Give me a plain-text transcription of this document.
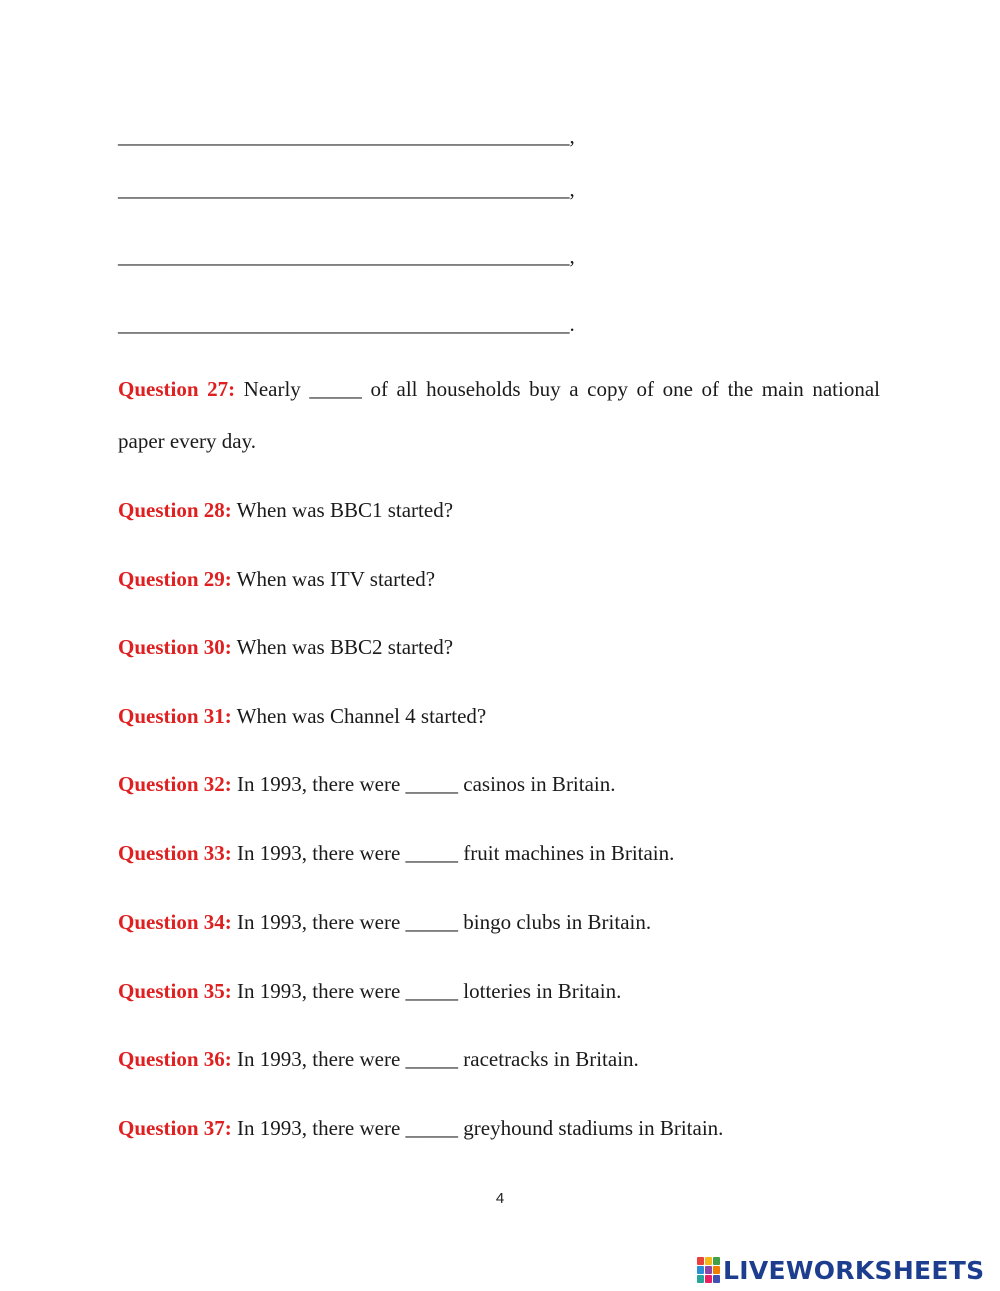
___________________________________________,
___________________________________________,
___________________________________________,
___________________________________________.
Question 27: Nearly _____ of all households buy a copy of one of the main national paper every day.
Question 28: When was BBC1 started?
Question 29: When was ITV started?
Question 30: When was BBC2 started?
Question 31: When was Channel 4 started?
Question 32: In 1993, there were _____ casinos in Britain.
Question 33: In 1993, there were _____ fruit machines in Britain.
Question 34: In 1993, there were _____ bingo clubs in Britain.
Question 35: In 1993, there were _____ lotteries in Britain.
Question 36: In 1993, there were _____ racetracks in Britain.
Question 37: In 1993, there were _____ greyhound stadiums in Britain.
4
LIVEWORKSHEETS
